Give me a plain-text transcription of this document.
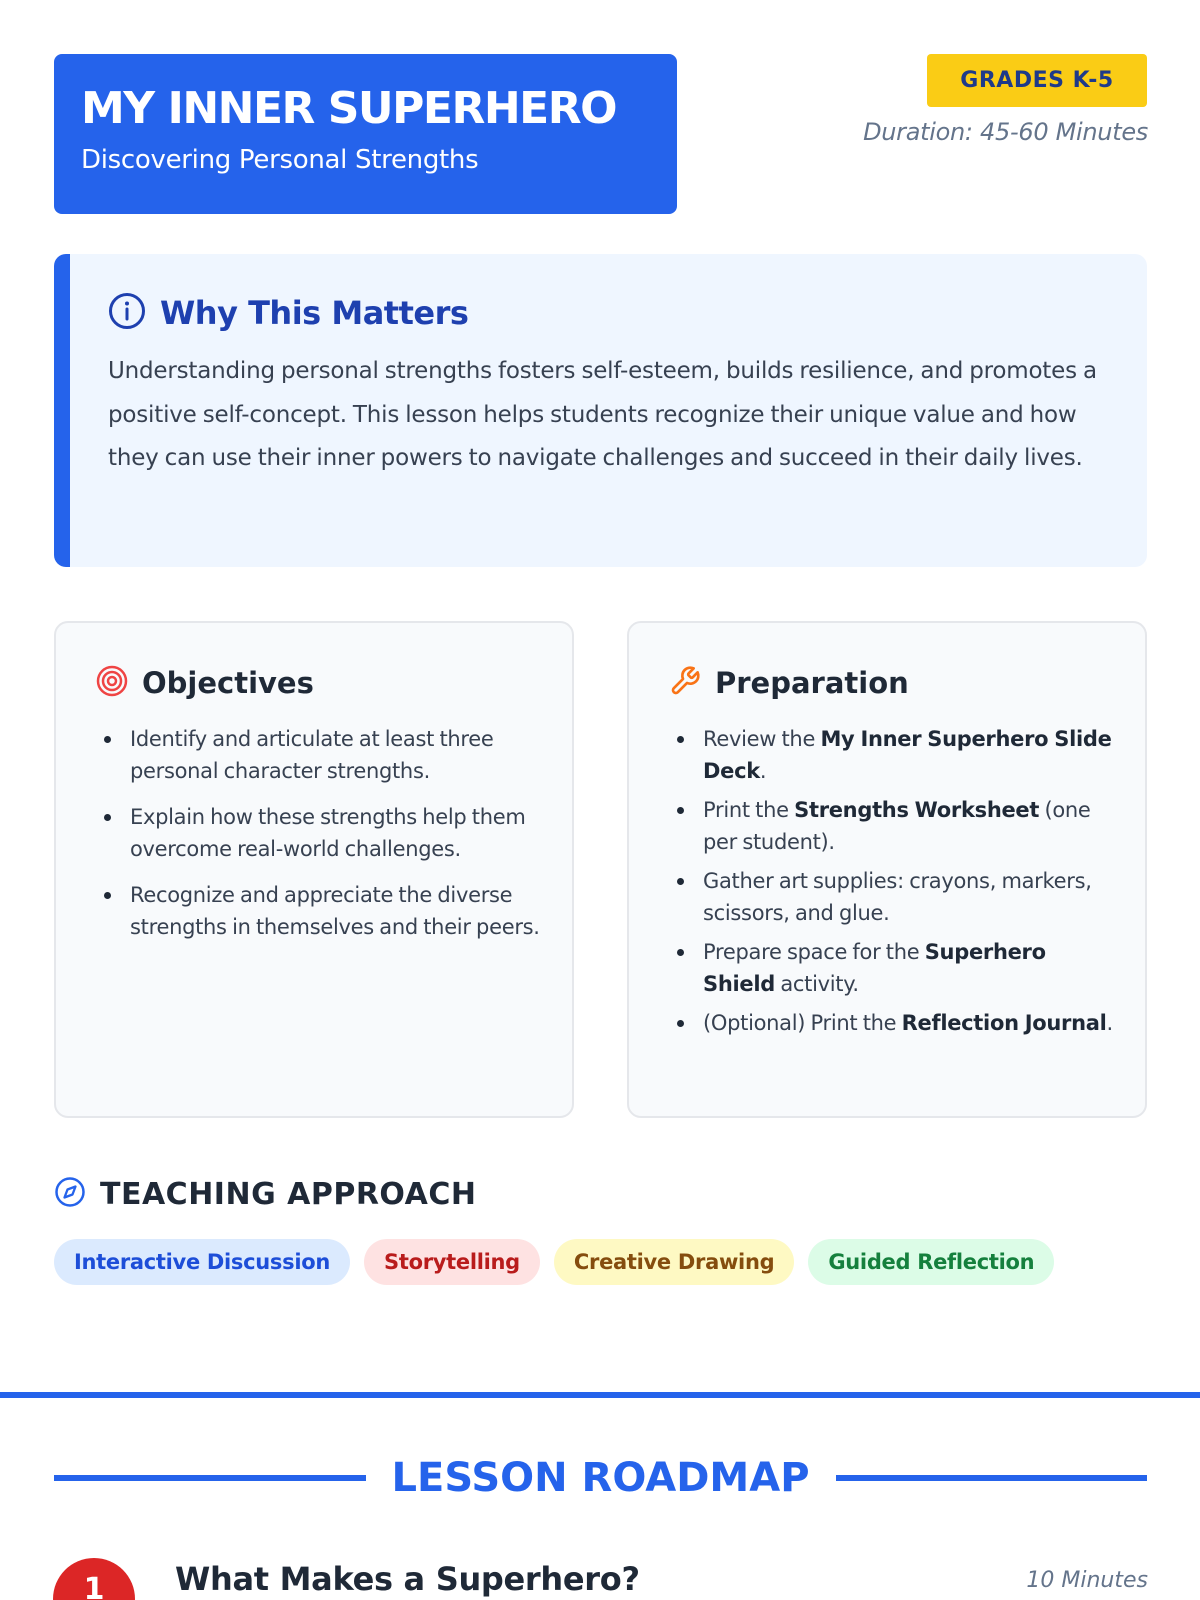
MY INNER SUPERHERO
Discovering Personal Strengths
GRADES K-5
Duration: 45-60 Minutes
Why This Matters

Understanding personal strengths fosters self-esteem, builds resilience, and promotes a positive self-concept. This lesson helps students recognize their unique value and how they can use their inner powers to navigate challenges and succeed in their daily lives.

Objectives
Identify and articulate at least three personal character strengths.
Explain how these strengths help them overcome real-world challenges.
Recognize and appreciate the diverse strengths in themselves and their peers.
Preparation
Review the My Inner Superhero Slide Deck.
Print the Strengths Worksheet (one per student).
Gather art supplies: crayons, markers, scissors, and glue.
Prepare space for the Superhero Shield activity.
(Optional) Print the Reflection Journal.
TEACHING APPROACH
Interactive Discussion	Storytelling	Creative Drawing	Guided Reflection
LESSON ROADMAP
1	What Makes a Superhero?	10 Minutes
